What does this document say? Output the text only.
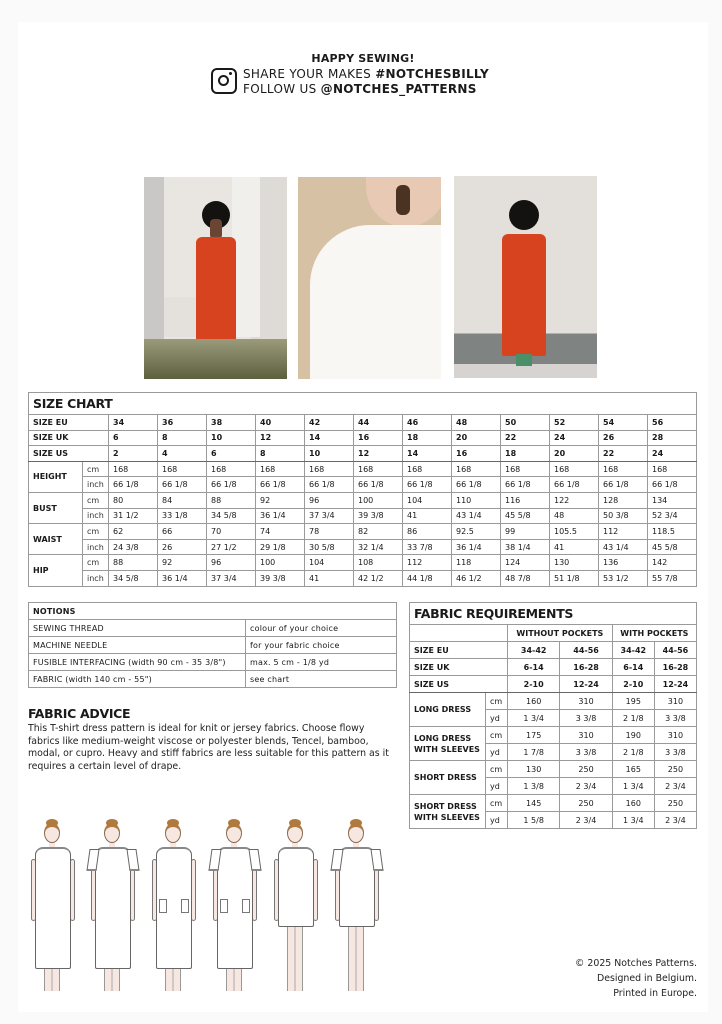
HAPPY SEWING!
SHARE YOUR MAKES #NOTCHESBILLY
FOLLOW US @NOTCHES_PATTERNS
SIZE CHART													
SIZE EU		34	36	38	40	42	44	46	48	50	52	54	56
SIZE UK		6	8	10	12	14	16	18	20	22	24	26	28
SIZE US		2	4	6	8	10	12	14	16	18	20	22	24
HEIGHT	cm	168	168	168	168	168	168	168	168	168	168	168	168
	inch	66 1/8	66 1/8	66 1/8	66 1/8	66 1/8	66 1/8	66 1/8	66 1/8	66 1/8	66 1/8	66 1/8	66 1/8
BUST	cm	80	84	88	92	96	100	104	110	116	122	128	134
	inch	31 1/2	33 1/8	34 5/8	36 1/4	37 3/4	39 3/8	41	43 1/4	45 5/8	48	50 3/8	52 3/4
WAIST	cm	62	66	70	74	78	82	86	92.5	99	105.5	112	118.5
	inch	24 3/8	26	27 1/2	29 1/8	30 5/8	32 1/4	33 7/8	36 1/4	38 1/4	41	43 1/4	45 5/8
HIP	cm	88	92	96	100	104	108	112	118	124	130	136	142
	inch	34 5/8	36 1/4	37 3/4	39 3/8	41	42 1/2	44 1/8	46 1/2	48 7/8	51 1/8	53 1/2	55 7/8
NOTIONS	
SEWING THREAD	colour of your choice
MACHINE NEEDLE	for your fabric choice
FUSIBLE INTERFACING (width 90 cm - 35 3/8")	max. 5 cm - 1/8 yd
FABRIC (width 140 cm - 55")	see chart
FABRIC ADVICE

This T-shirt dress pattern is ideal for knit or jersey fabrics. Choose flowy fabrics like medium-weight viscose or polyester blends, Tencel, bamboo, modal, or cupro. Heavy and stiff fabrics are less suitable for this pattern as it requires a certain level of drape.

FABRIC REQUIREMENTS					
		WITHOUT POCKETS		WITH POCKETS	
SIZE EU		34-42	44-56	34-42	44-56
SIZE UK		6-14	16-28	6-14	16-28
SIZE US		2-10	12-24	2-10	12-24
LONG DRESS	cm	160	310	195	310
	yd	1 3/4	3 3/8	2 1/8	3 3/8
LONG DRESS WITH SLEEVES	cm	175	310	190	310
	yd	1 7/8	3 3/8	2 1/8	3 3/8
SHORT DRESS	cm	130	250	165	250
	yd	1 3/8	2 3/4	1 3/4	2 3/4
SHORT DRESS WITH SLEEVES	cm	145	250	160	250
	yd	1 5/8	2 3/4	1 3/4	2 3/4
© 2025 Notches Patterns.
Designed in Belgium.
Printed in Europe.
